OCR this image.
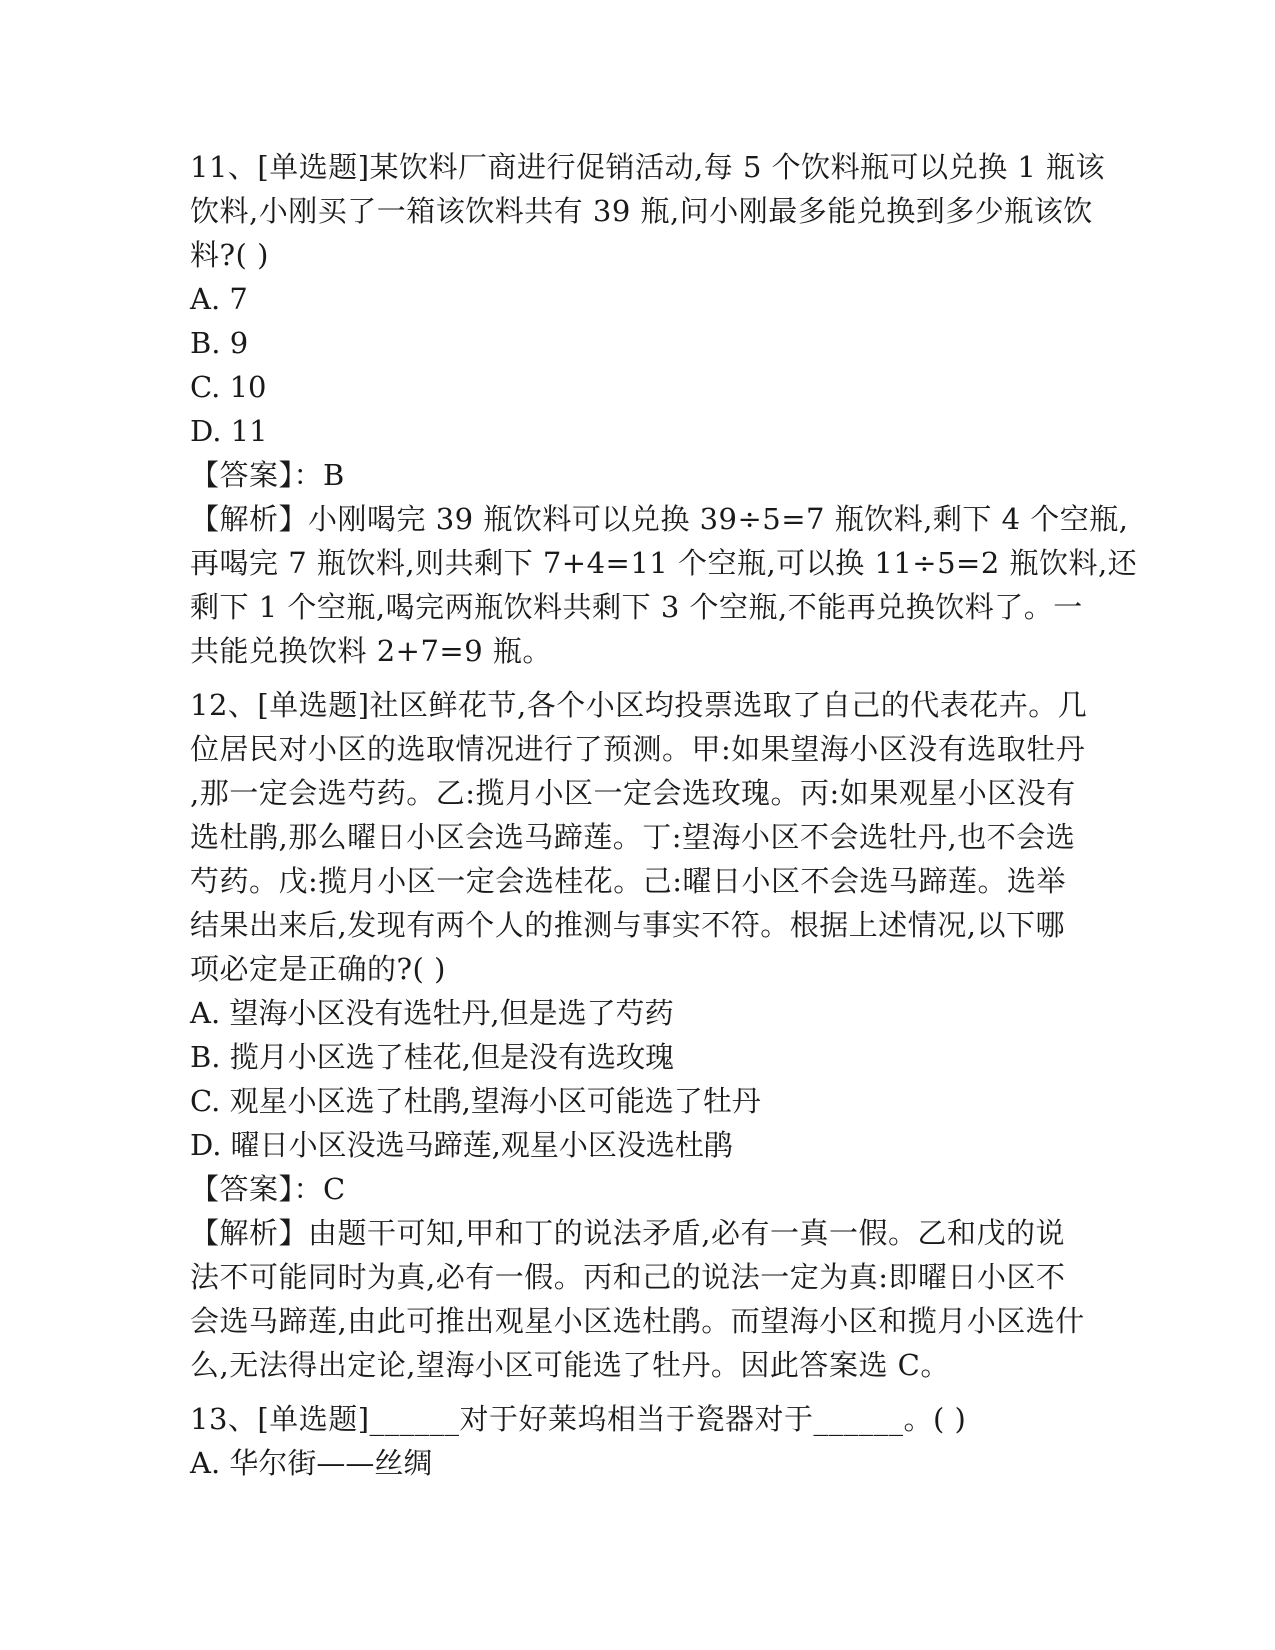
11、[单选题]某饮料厂商进行促销活动,每 5 个饮料瓶可以兑换 1 瓶该
饮料,小刚买了一箱该饮料共有 39 瓶,问小刚最多能兑换到多少瓶该饮
料?( )
A. 7
B. 9
C. 10
D. 11
【答案】：B
【解析】小刚喝完 39 瓶饮料可以兑换 39÷5=7 瓶饮料,剩下 4 个空瓶,
再喝完 7 瓶饮料,则共剩下 7+4=11 个空瓶,可以换 11÷5=2 瓶饮料,还
剩下 1 个空瓶,喝完两瓶饮料共剩下 3 个空瓶,不能再兑换饮料了。一
共能兑换饮料 2+7=9 瓶。
12、[单选题]社区鲜花节,各个小区均投票选取了自己的代表花卉。几
位居民对小区的选取情况进行了预测。甲:如果望海小区没有选取牡丹
,那一定会选芍药。乙:揽月小区一定会选玫瑰。丙:如果观星小区没有
选杜鹃,那么曜日小区会选马蹄莲。丁:望海小区不会选牡丹,也不会选
芍药。戊:揽月小区一定会选桂花。己:曜日小区不会选马蹄莲。选举
结果出来后,发现有两个人的推测与事实不符。根据上述情况,以下哪
项必定是正确的?( )
A. 望海小区没有选牡丹,但是选了芍药
B. 揽月小区选了桂花,但是没有选玫瑰
C. 观星小区选了杜鹃,望海小区可能选了牡丹
D. 曜日小区没选马蹄莲,观星小区没选杜鹃
【答案】：C
【解析】由题干可知,甲和丁的说法矛盾,必有一真一假。乙和戊的说
法不可能同时为真,必有一假。丙和己的说法一定为真:即曜日小区不
会选马蹄莲,由此可推出观星小区选杜鹃。而望海小区和揽月小区选什
么,无法得出定论,望海小区可能选了牡丹。因此答案选 C。
13、[单选题]______对于好莱坞相当于瓷器对于______。( )
A. 华尔街——丝绸
